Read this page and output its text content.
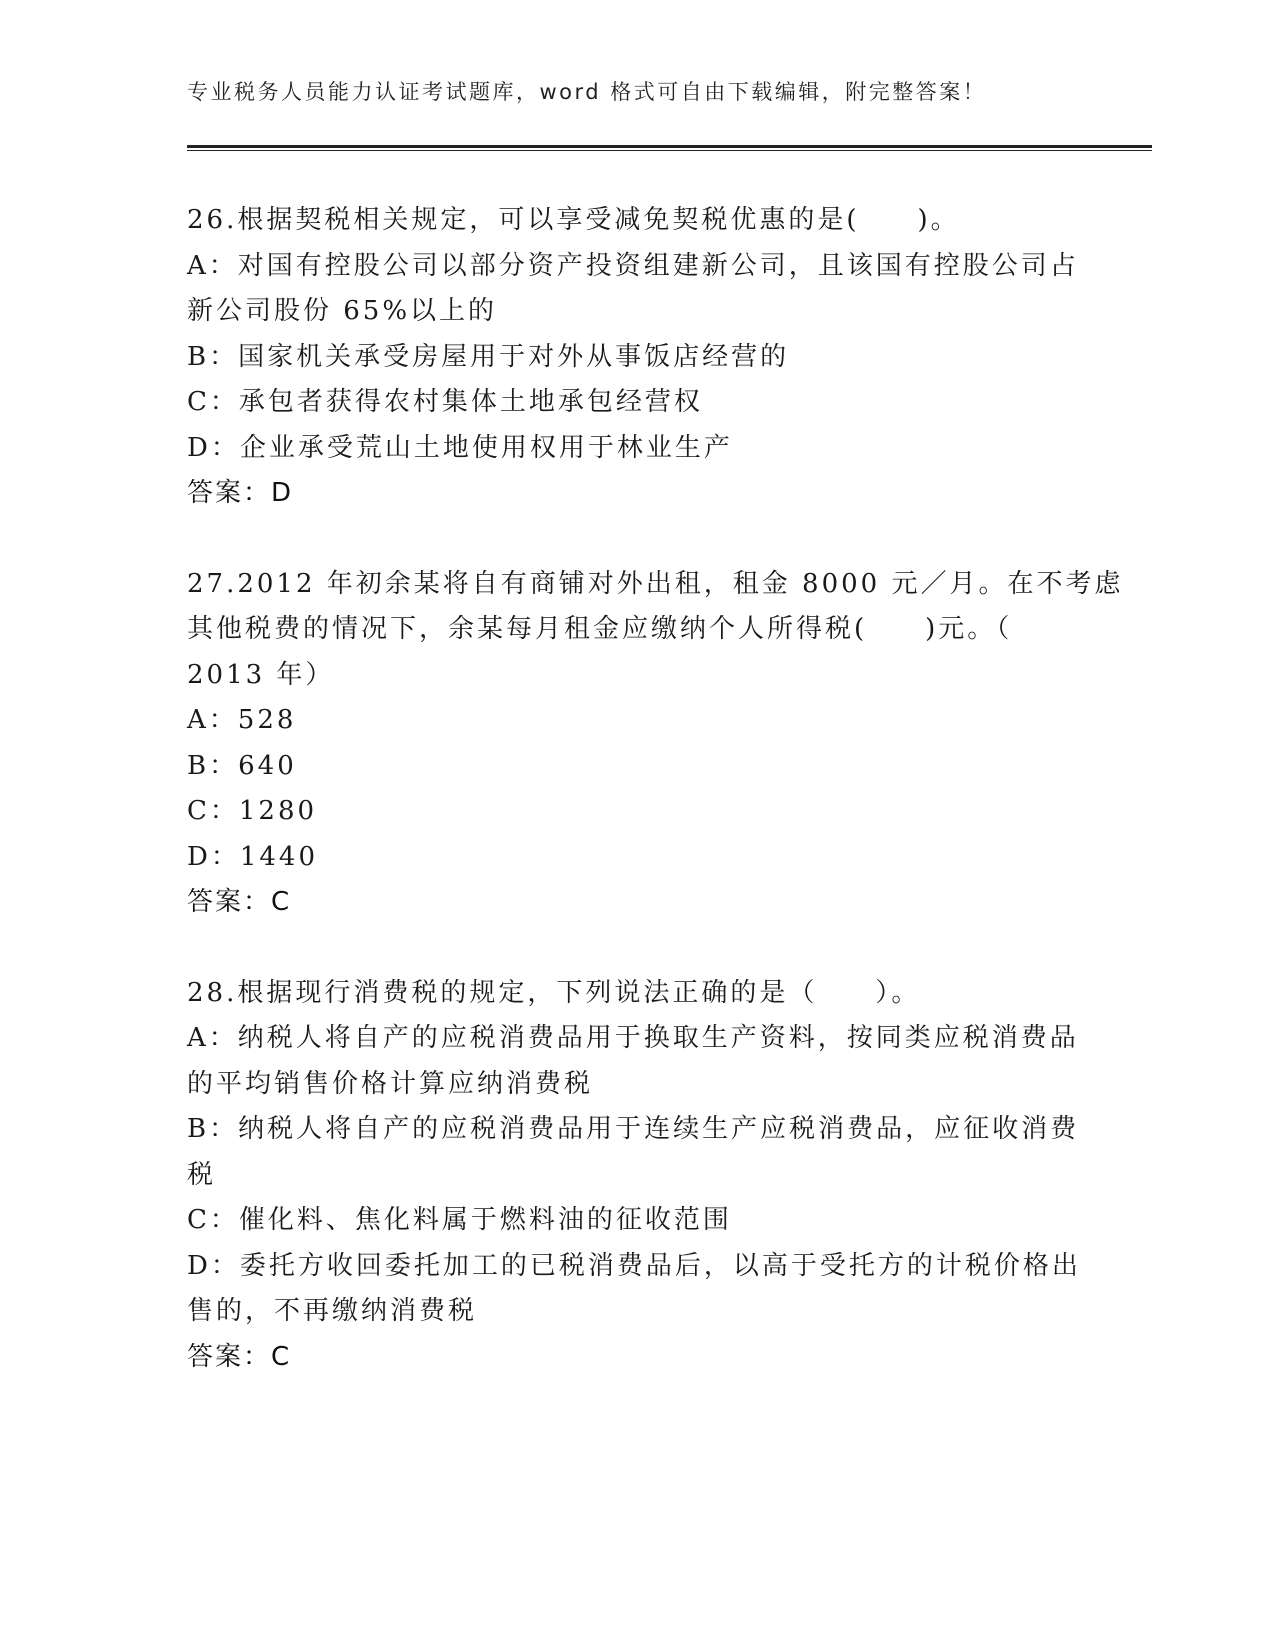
专业税务人员能力认证考试题库，word 格式可自由下载编辑，附完整答案！
26.根据契税相关规定，可以享受减免契税优惠的是(　　)。
A：对国有控股公司以部分资产投资组建新公司，且该国有控股公司占
新公司股份 65%以上的
B：国家机关承受房屋用于对外从事饭店经营的
C：承包者获得农村集体土地承包经营权
D：企业承受荒山土地使用权用于林业生产
答案：D
27.2012 年初余某将自有商铺对外出租，租金 8000 元／月。在不考虑
其他税费的情况下，余某每月租金应缴纳个人所得税(　　)元。（
2013 年）
A：528
B：640
C：1280
D：1440
答案：C
28.根据现行消费税的规定，下列说法正确的是（　　）。
A：纳税人将自产的应税消费品用于换取生产资料，按同类应税消费品
的平均销售价格计算应纳消费税
B：纳税人将自产的应税消费品用于连续生产应税消费品，应征收消费
税
C：催化料、焦化料属于燃料油的征收范围
D：委托方收回委托加工的已税消费品后，以高于受托方的计税价格出
售的，不再缴纳消费税
答案：C
